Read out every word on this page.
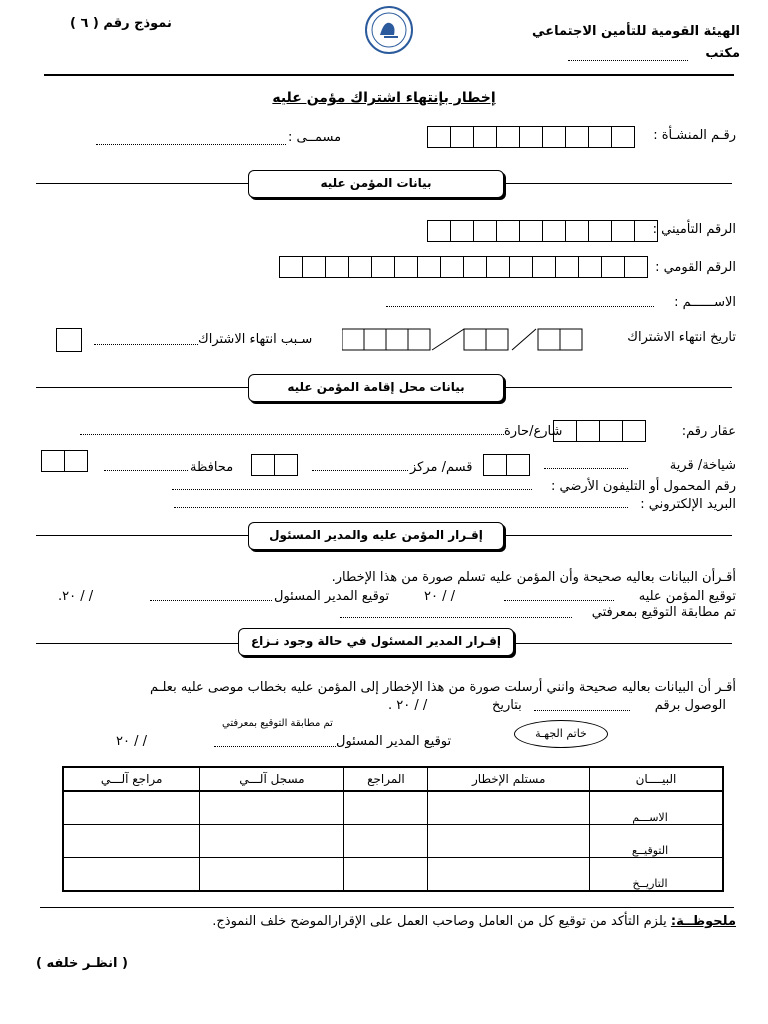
الهيئة القومية للتأمين الاجتماعي
مكتب
نموذج رقم ( ٦ )
إخطار بإنتهاء اشتراك مؤمن عليه
رقـم المنشـأة :
مسمــى :
بيانات المؤمن عليه
الرقم التأميني :
الرقم القومي :
الاســــــم :
تاريخ انتهاء الاشتراك
سـبب انتهاء الاشتراك
بيانات محل إقامة المؤمن عليه
عقار رقم:
شارع/حارة
شياخة/ قرية
قسم/ مركز
محافظة
رقم المحمول أو التليفون الأرضي :
البريد الإلكتروني :
إقـرار المؤمن عليه والمدير المسئول
أقـرأن البيانات بعاليه صحيحة وأن المؤمن عليه تسلم صورة من هذا الإخطار.
توقيع المؤمن عليه
/ / ٢٠
توقيع المدير المسئول
/ / ٢٠.
تم مطابقة التوقيع بمعرفتي
إقـرار المدير المسئول في حالة وجود نـزاع
أقـر أن البيانات بعاليه صحيحة وانني أرسلت صورة من هذا الإخطار إلى المؤمن عليه بخطاب موصى عليه بعلـم
الوصول برقم
بتاريخ
/ / ٢٠ .
تم مطابقة التوقيع بمعرفتي
خاتم الجهـة
توقيع المدير المسئول
/ / ٢٠
البيــــان	مستلم الإخطار	المراجع	مسجل آلـــي	مراجع آلـــي
الاســـم				
التوقيــع				
التاريــخ				
ملحوظــة: يلزم التأكد من توقيع كل من العامل وصاحب العمل على الإقرارالموضح خلف النموذج.
( انظـر خلفه )
